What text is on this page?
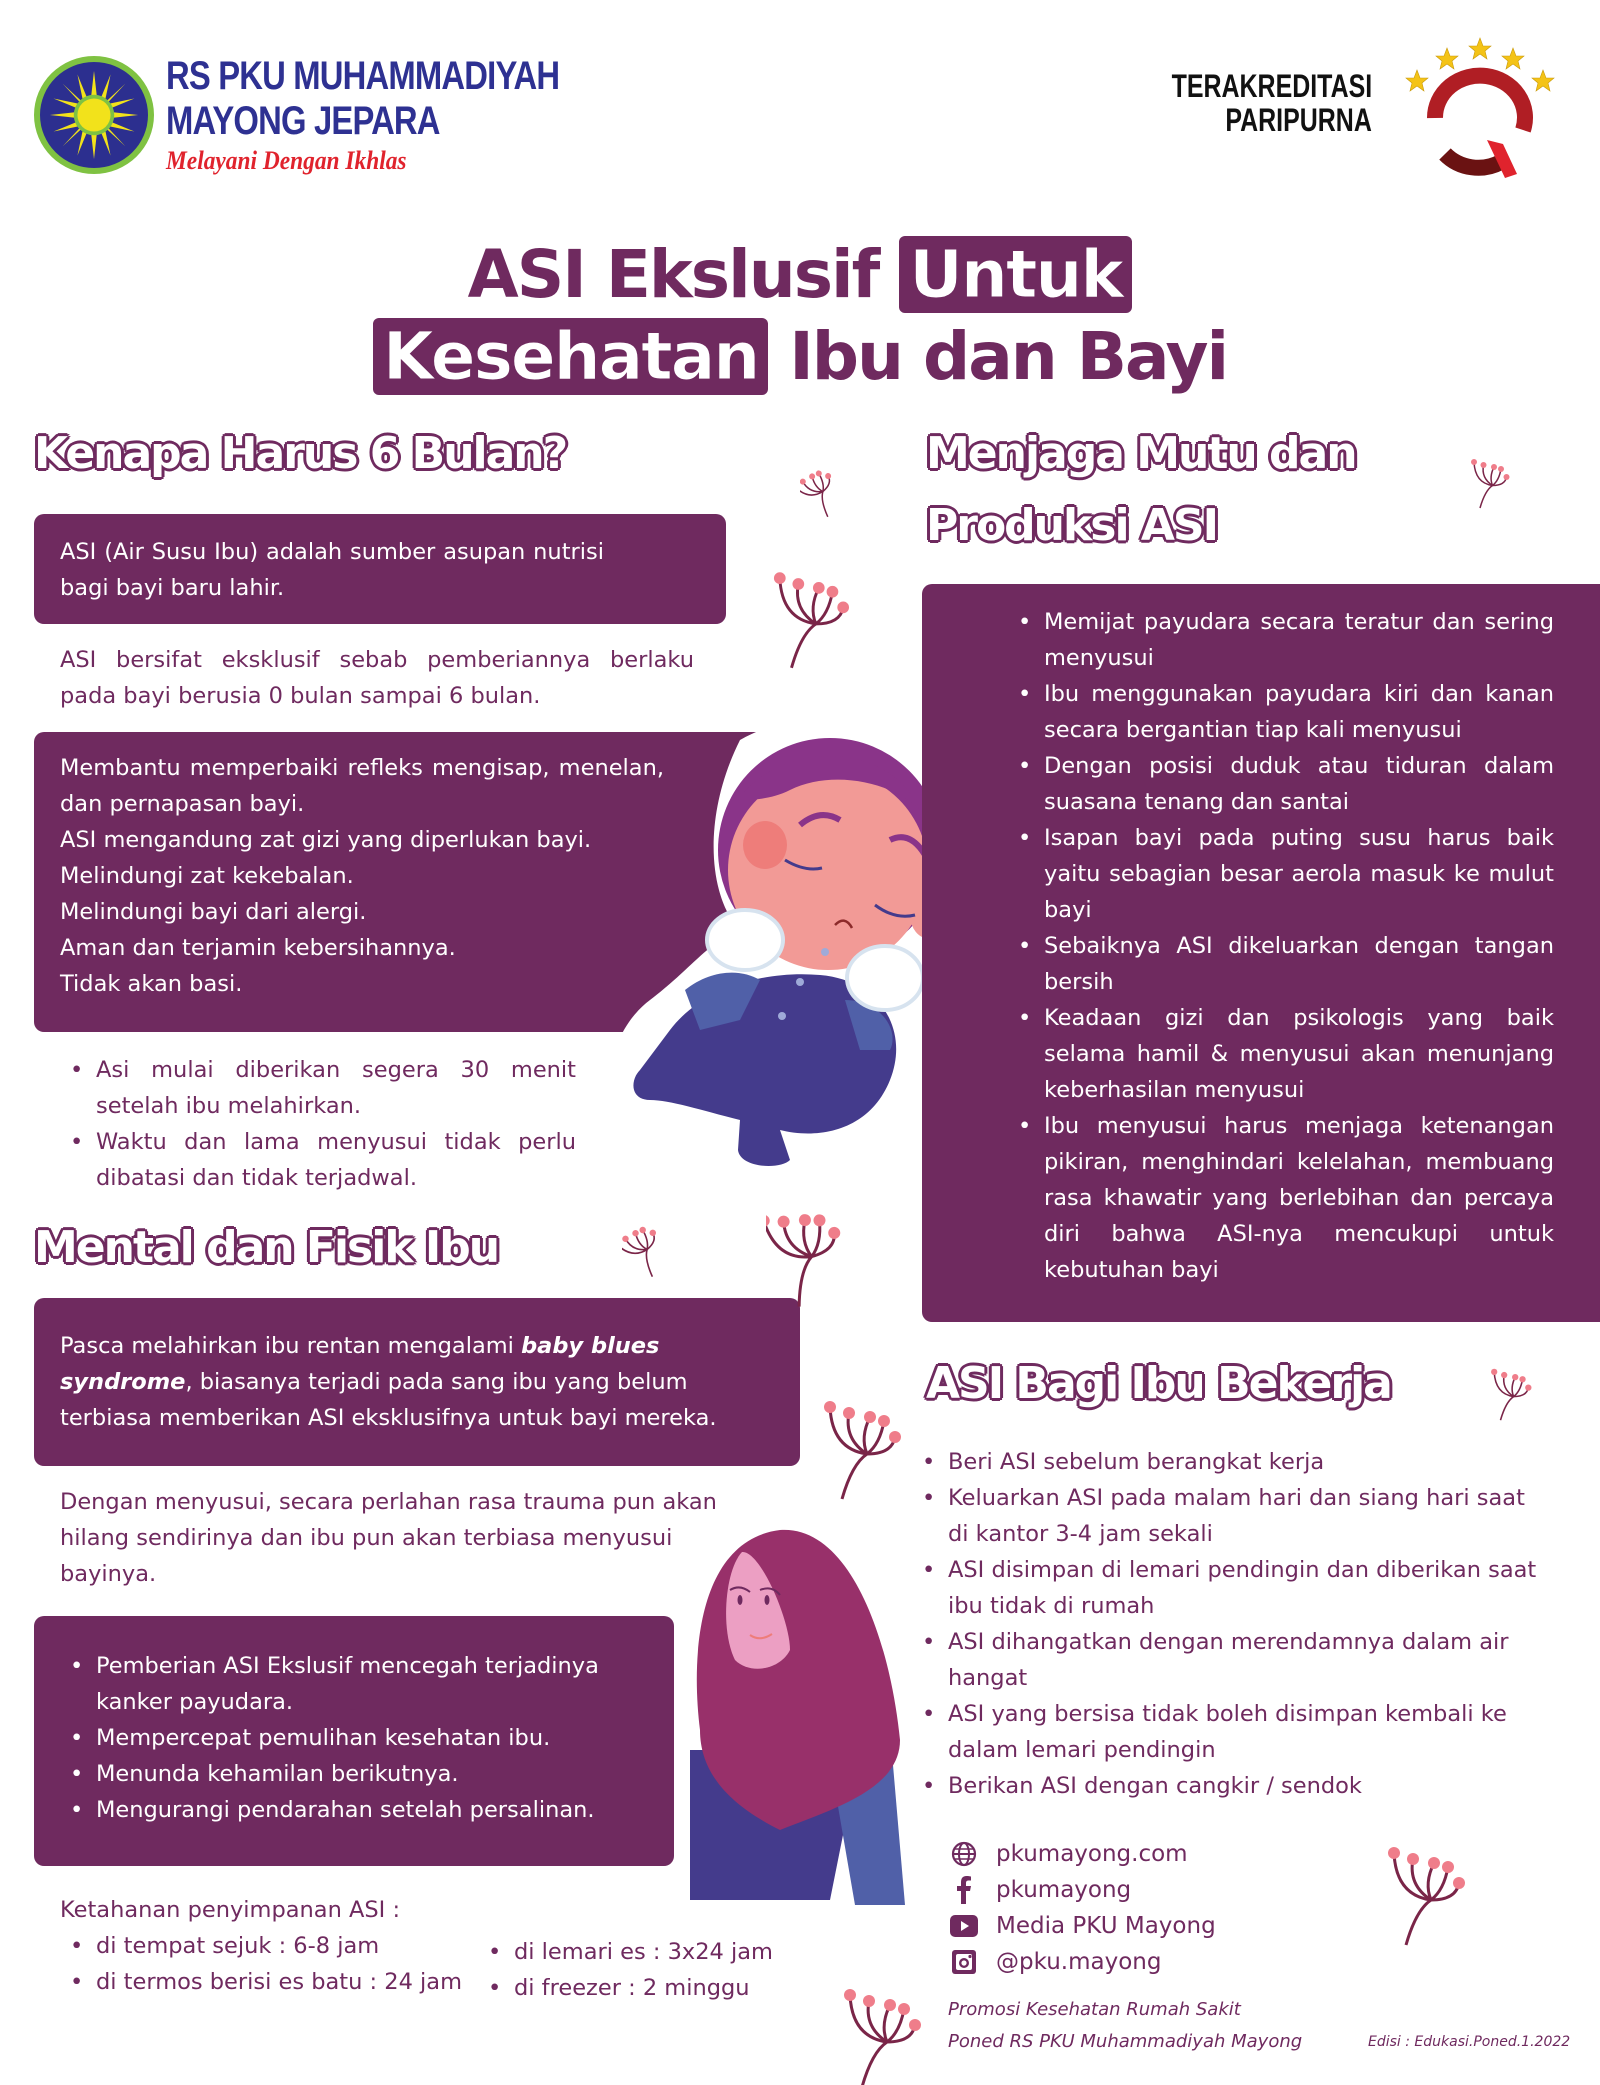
RS PKU MUHAMMADIYAH
MAYONG JEPARA
Melayani Dengan Ikhlas
TERAKREDITASI
PARIPURNA
ASI Ekslusif Untuk
Kesehatan Ibu dan Bayi
Kenapa Harus 6 Bulan?
ASI (Air Susu Ibu) adalah sumber asupan nutrisi bagi bayi baru lahir.
ASI bersifat eksklusif sebab pemberiannya berlaku pada bayi berusia 0 bulan sampai 6 bulan.
Membantu memperbaiki refleks mengisap, menelan, dan pernapasan bayi.
ASI mengandung zat gizi yang diperlukan bayi.
Melindungi zat kekebalan.
Melindungi bayi dari alergi.
Aman dan terjamin kebersihannya.
Tidak akan basi.
• Asi mulai diberikan segera 30 menit setelah ibu melahirkan.
• Waktu dan lama menyusui tidak perlu dibatasi dan tidak terjadwal.
Mental dan Fisik Ibu
Pasca melahirkan ibu rentan mengalami baby blues syndrome, biasanya terjadi pada sang ibu yang belum terbiasa memberikan ASI eksklusifnya untuk bayi mereka.
Dengan menyusui, secara perlahan rasa trauma pun akan hilang sendirinya dan ibu pun akan terbiasa menyusui bayinya.
• Pemberian ASI Ekslusif mencegah terjadinya kanker payudara.
• Mempercepat pemulihan kesehatan ibu.
• Menunda kehamilan berikutnya.
• Mengurangi pendarahan setelah persalinan.
Ketahanan penyimpanan ASI :
• di tempat sejuk : 6-8 jam
• di termos berisi es batu : 24 jam
• di lemari es : 3x24 jam
• di freezer : 2 minggu
Menjaga Mutu dan
Produksi ASI
• Memijat payudara secara teratur dan sering menyusui
• Ibu menggunakan payudara kiri dan kanan secara bergantian tiap kali menyusui
• Dengan posisi duduk atau tiduran dalam suasana tenang dan santai
• Isapan bayi pada puting susu harus baik yaitu sebagian besar aerola masuk ke mulut bayi
• Sebaiknya ASI dikeluarkan dengan tangan bersih
• Keadaan gizi dan psikologis yang baik selama hamil & menyusui akan menunjang keberhasilan menyusui
• Ibu menyusui harus menjaga ketenangan pikiran, menghindari kelelahan, membuang rasa khawatir yang berlebihan dan percaya diri bahwa ASI-nya mencukupi untuk kebutuhan bayi
ASI Bagi Ibu Bekerja
• Beri ASI sebelum berangkat kerja
• Keluarkan ASI pada malam hari dan siang hari saat di kantor 3-4 jam sekali
• ASI disimpan di lemari pendingin dan diberikan saat ibu tidak di rumah
• ASI dihangatkan dengan merendamnya dalam air hangat
• ASI yang bersisa tidak boleh disimpan kembali ke dalam lemari pendingin
• Berikan ASI dengan cangkir / sendok
pkumayong.com
pkumayong
Media PKU Mayong
@pku.mayong
Promosi Kesehatan Rumah Sakit
Poned RS PKU Muhammadiyah Mayong	Edisi : Edukasi.Poned.1.2022
